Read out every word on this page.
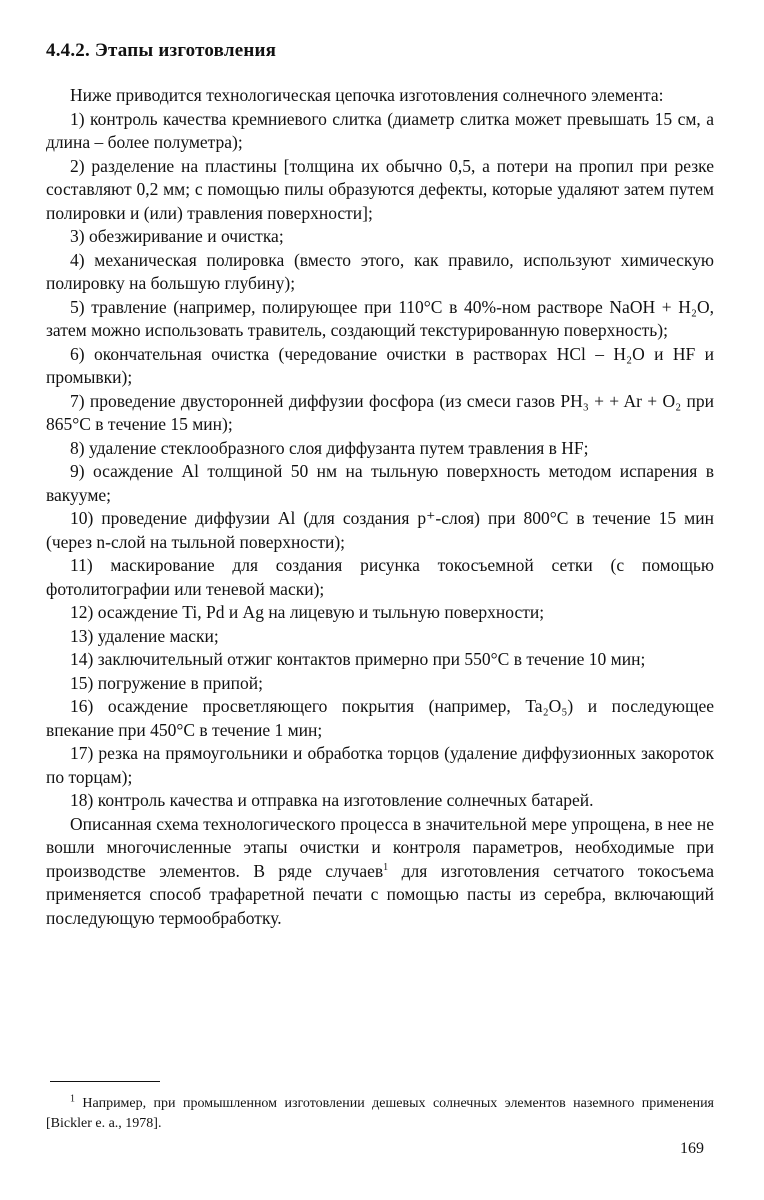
4.4.2. Этапы изготовления

Ниже приводится технологическая цепочка изготовления солнечного элемента:

1) контроль качества кремниевого слитка (диаметр слитка может превышать 15 см, а длина – более полуметра);

2) разделение на пластины [толщина их обычно 0,5, а потери на пропил при резке составляют 0,2 мм; с помощью пилы образуются дефекты, которые удаляют затем путем полировки и (или) травления поверхности];

3) обезжиривание и очистка;

4) механическая полировка (вместо этого, как правило, используют химическую полировку на большую глубину);

5) травление (например, полирующее при 110°С в 40%-ном растворе NaOH + H₂O, затем можно использовать травитель, создающий текстурированную поверхность);

6) окончательная очистка (чередование очистки в растворах HCl – H₂O и HF и промывки);

7) проведение двусторонней диффузии фосфора (из смеси газов PH₃ + + Ar + O₂ при 865°С в течение 15 мин);

8) удаление стеклообразного слоя диффузанта путем травления в HF;

9) осаждение Al толщиной 50 нм на тыльную поверхность методом испарения в вакууме;

10) проведение диффузии Al (для создания p⁺-слоя) при 800°С в течение 15 мин (через n-слой на тыльной поверхности);

11) маскирование для создания рисунка токосъемной сетки (с помощью фотолитографии или теневой маски);

12) осаждение Ti, Pd и Ag на лицевую и тыльную поверхности;

13) удаление маски;

14) заключительный отжиг контактов примерно при 550°С в течение 10 мин;

15) погружение в припой;

16) осаждение просветляющего покрытия (например, Ta₂O₅) и последующее впекание при 450°С в течение 1 мин;

17) резка на прямоугольники и обработка торцов (удаление диффузионных закороток по торцам);

18) контроль качества и отправка на изготовление солнечных батарей.

Описанная схема технологического процесса в значительной мере упрощена, в нее не вошли многочисленные этапы очистки и контроля параметров, необходимые при производстве элементов. В ряде случаев$^1$ для изготовления сетчатого токосъема применяется способ трафаретной печати с помощью пасты из серебра, включающий последующую термообработку.

$^1$ Например, при промышленном изготовлении дешевых солнечных элементов наземного применения [Bickler e. a., 1978].
169
